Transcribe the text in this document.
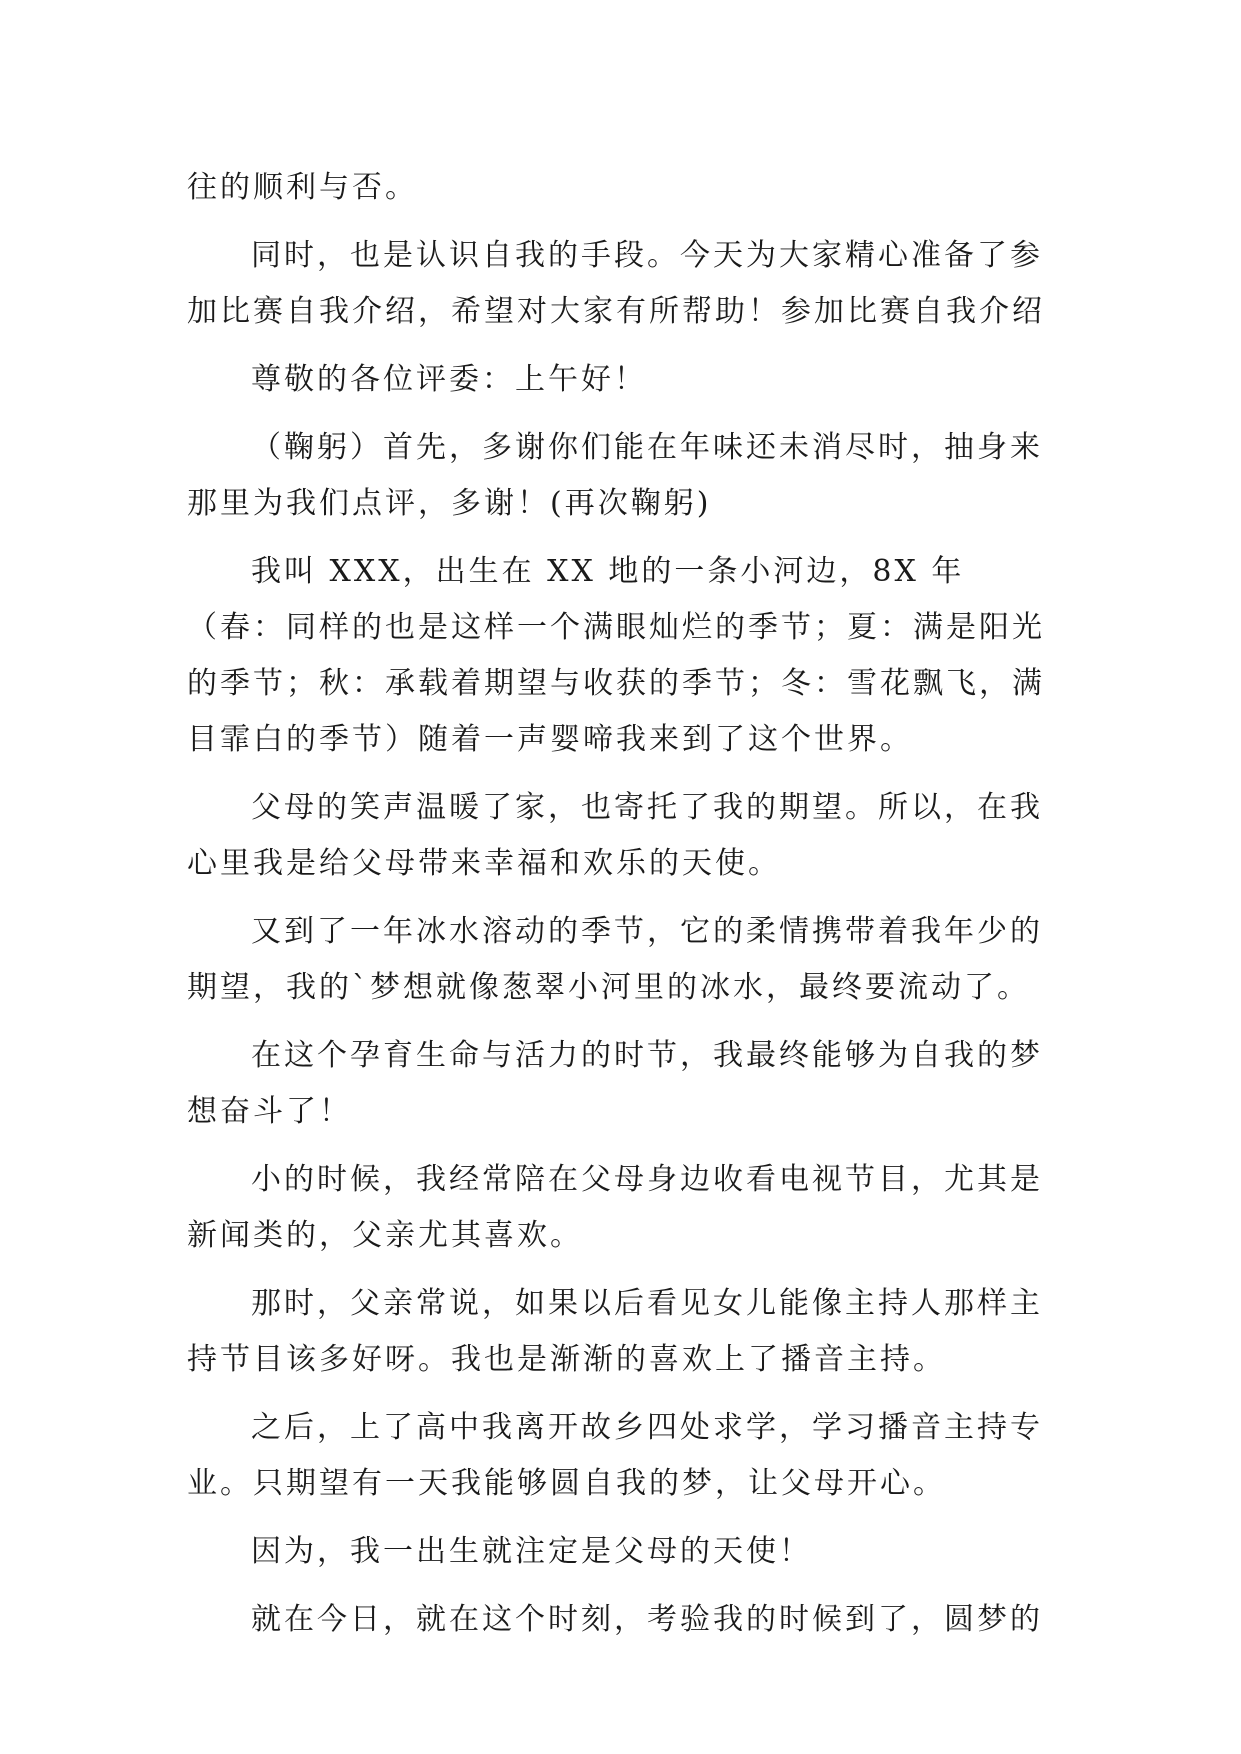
往的顺利与否。

同时，也是认识自我的手段。今天为大家精心准备了参加比赛自我介绍，希望对大家有所帮助！参加比赛自我介绍

尊敬的各位评委：上午好！

（鞠躬）首先，多谢你们能在年味还未消尽时，抽身来那里为我们点评，多谢！(再次鞠躬)

我叫 XXX，出生在 XX 地的一条小河边，8X 年（春：同样的也是这样一个满眼灿烂的季节；夏：满是阳光的季节；秋：承载着期望与收获的季节；冬：雪花飘飞，满目霏白的季节）随着一声婴啼我来到了这个世界。

父母的笑声温暖了家，也寄托了我的期望。所以，在我心里我是给父母带来幸福和欢乐的天使。

又到了一年冰水溶动的季节，它的柔情携带着我年少的期望，我的`梦想就像葱翠小河里的冰水，最终要流动了。

在这个孕育生命与活力的时节，我最终能够为自我的梦想奋斗了！

小的时候，我经常陪在父母身边收看电视节目，尤其是新闻类的，父亲尤其喜欢。

那时，父亲常说，如果以后看见女儿能像主持人那样主持节目该多好呀。我也是渐渐的喜欢上了播音主持。

之后，上了高中我离开故乡四处求学，学习播音主持专业。只期望有一天我能够圆自我的梦，让父母开心。

因为，我一出生就注定是父母的天使！

就在今日，就在这个时刻，考验我的时候到了，圆梦的
